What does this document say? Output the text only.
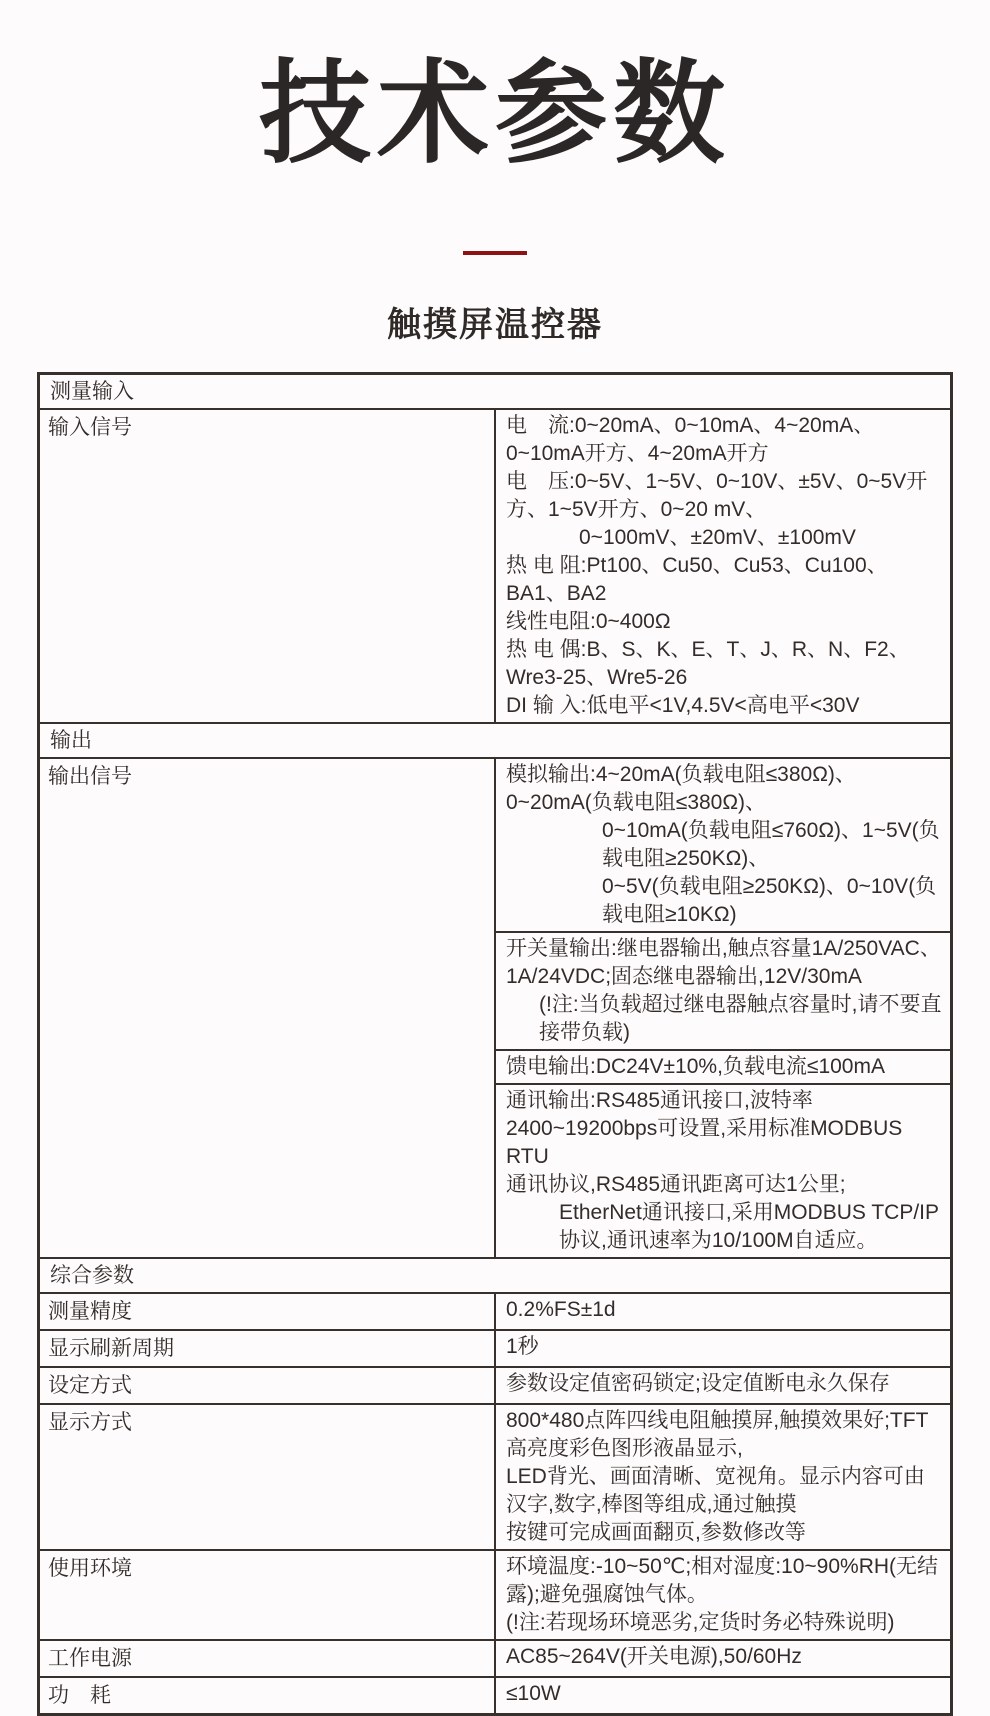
技术参数
触摸屏温控器
测量输入	
输入信号	电　流:0~20mA、0~10mA、4~20mA、0~10mA开方、4~20mA开方
电　压:0~5V、1~5V、0~10V、±5V、0~5V开方、1~5V开方、0~20 mV、
0~100mV、±20mV、±100mV
热 电 阻:Pt100、Cu50、Cu53、Cu100、BA1、BA2
线性电阻:0~400Ω
热 电 偶:B、S、K、E、T、J、R、N、F2、Wre3-25、Wre5-26
DI 输 入:低电平<1V,4.5V<高电平<30V

输出	
输出信号	模拟输出:4~20mA(负载电阻≤380Ω)、0~20mA(负载电阻≤380Ω)、
0~10mA(负载电阻≤760Ω)、1~5V(负载电阻≥250KΩ)、
0~5V(负载电阻≥250KΩ)、0~10V(负载电阻≥10KΩ)
开关量输出:继电器输出,触点容量1A/250VAC、1A/24VDC;固态继电器输出,12V/30mA
(!注:当负载超过继电器触点容量时,请不要直接带负载)
馈电输出:DC24V±10%,负载电流≤100mA
通讯输出:RS485通讯接口,波特率2400~19200bps可设置,采用标准MODBUS RTU
通讯协议,RS485通讯距离可达1公里;
EtherNet通讯接口,采用MODBUS TCP/IP协议,通讯速率为10/100M自适应。

综合参数	
测量精度	0.2%FS±1d
显示刷新周期	1秒
设定方式	参数设定值密码锁定;设定值断电永久保存
显示方式	800*480点阵四线电阻触摸屏,触摸效果好;TFT高亮度彩色图形液晶显示,
LED背光、画面清晰、宽视角。显示内容可由汉字,数字,棒图等组成,通过触摸
按键可完成画面翻页,参数修改等

使用环境	环境温度:-10~50℃;相对湿度:10~90%RH(无结露);避免强腐蚀气体。
(!注:若现场环境恶劣,定货时务必特殊说明)

工作电源	AC85~264V(开关电源),50/60Hz
功　耗	≤10W
